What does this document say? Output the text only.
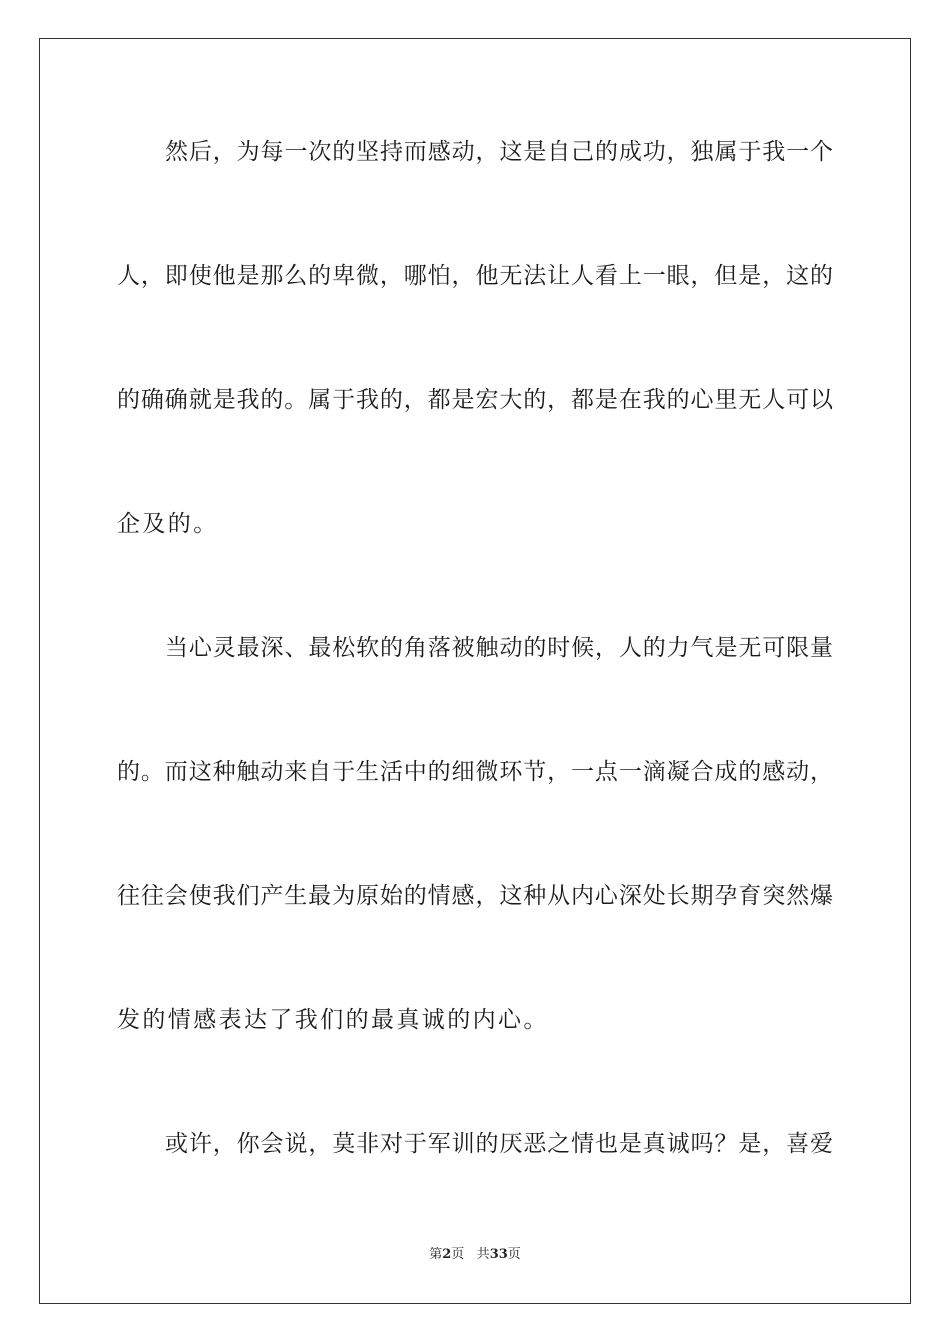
然后，为每一次的坚持而感动，这是自己的成功，独属于我一个
人，即使他是那么的卑微，哪怕，他无法让人看上一眼，但是，这的
的确确就是我的。属于我的，都是宏大的，都是在我的心里无人可以
企及的。
当心灵最深、最松软的角落被触动的时候，人的力气是无可限量
的。而这种触动来自于生活中的细微环节，一点一滴凝合成的感动，
往往会使我们产生最为原始的情感，这种从内心深处长期孕育突然爆
发的情感表达了我们的最真诚的内心。
或许，你会说，莫非对于军训的厌恶之情也是真诚吗？是，喜爱
第2页 共33页
